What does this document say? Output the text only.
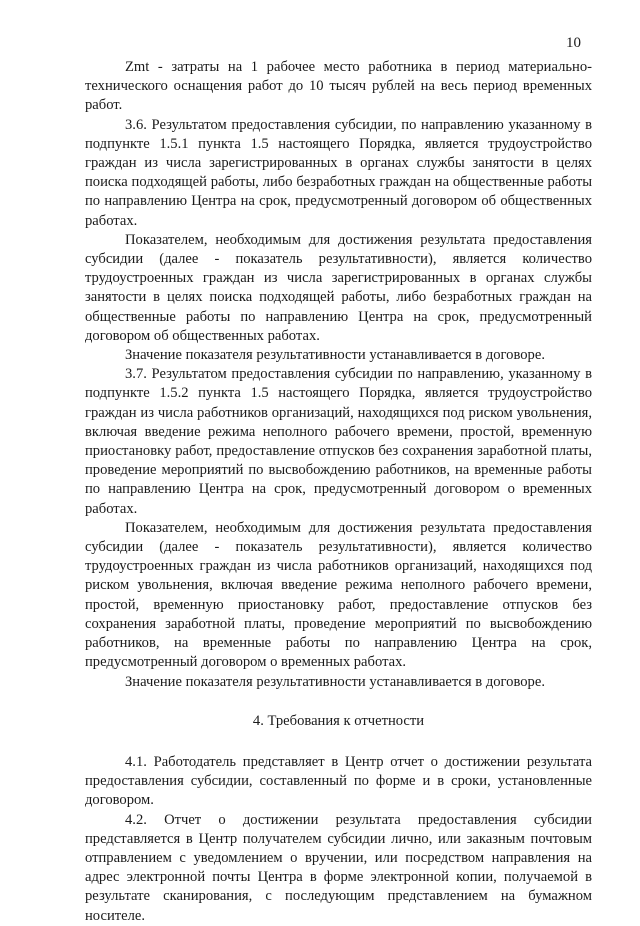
10

Zmt - затраты на 1 рабочее место работника в период материально-технического оснащения работ до 10 тысяч рублей на весь период временных работ.

3.6. Результатом предоставления субсидии, по направлению указанному в подпункте 1.5.1 пункта 1.5 настоящего Порядка, является трудоустройство граждан из числа зарегистрированных в органах службы занятости в целях поиска подходящей работы, либо безработных граждан на общественные работы по направлению Центра на срок, предусмотренный договором об общественных работах.

Показателем, необходимым для достижения результата предоставления субсидии (далее - показатель результативности), является количество трудоустроенных граждан из числа зарегистрированных в органах службы занятости в целях поиска подходящей работы, либо безработных граждан на общественные работы по направлению Центра на срок, предусмотренный договором об общественных работах.

Значение показателя результативности устанавливается в договоре.

3.7. Результатом предоставления субсидии по направлению, указанному в подпункте 1.5.2 пункта 1.5 настоящего Порядка, является трудоустройство граждан из числа работников организаций, находящихся под риском увольнения, включая введение режима неполного рабочего времени, простой, временную приостановку работ, предоставление отпусков без сохранения заработной платы, проведение мероприятий по высвобождению работников, на временные работы по направлению Центра на срок, предусмотренный договором о временных работах.

Показателем, необходимым для достижения результата предоставления субсидии (далее - показатель результативности), является количество трудоустроенных граждан из числа работников организаций, находящихся под риском увольнения, включая введение режима неполного рабочего времени, простой, временную приостановку работ, предоставление отпусков без сохранения заработной платы, проведение мероприятий по высвобождению работников, на временные работы по направлению Центра на срок, предусмотренный договором о временных работах.

Значение показателя результативности устанавливается в договоре.

4. Требования к отчетности

4.1. Работодатель представляет в Центр отчет о достижении результата предоставления субсидии, составленный по форме и в сроки, установленные договором.

4.2. Отчет о достижении результата предоставления субсидии представляется в Центр получателем субсидии лично, или заказным почтовым отправлением с уведомлением о вручении, или посредством направления на адрес электронной почты Центра в форме электронной копии, получаемой в результате сканирования, с последующим представлением на бумажном носителе.
